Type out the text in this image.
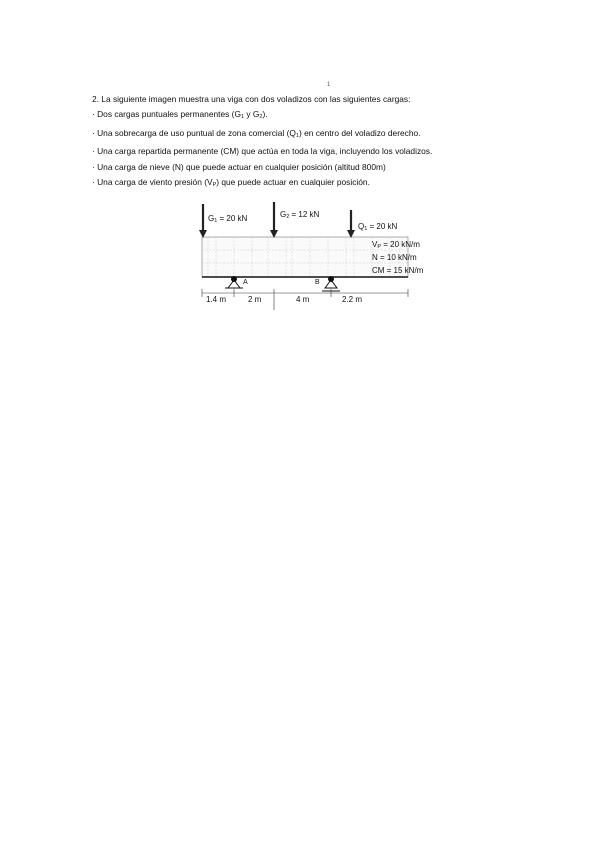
1

2. La siguiente imagen muestra una viga con dos voladizos con las siguientes cargas:

· Dos cargas puntuales permanentes (G1 y G2).

· Una sobrecarga de uso puntual de zona comercial (Q1) en centro del voladizo derecho.

· Una carga repartida permanente (CM) que actúa en toda la viga, incluyendo los voladizos.

· Una carga de nieve (N) que puede actuar en cualquier posición (altitud 800m)

· Una carga de viento presión (VP) que puede actuar en cualquier posición.

G1 = 20 kN	G2 = 12 kN
Q1 = 20 kN
VP = 20 kN/m
N = 10 kN/m
CM = 15 kN/m
A	B
1.4 m	2 m	4 m	2.2 m
